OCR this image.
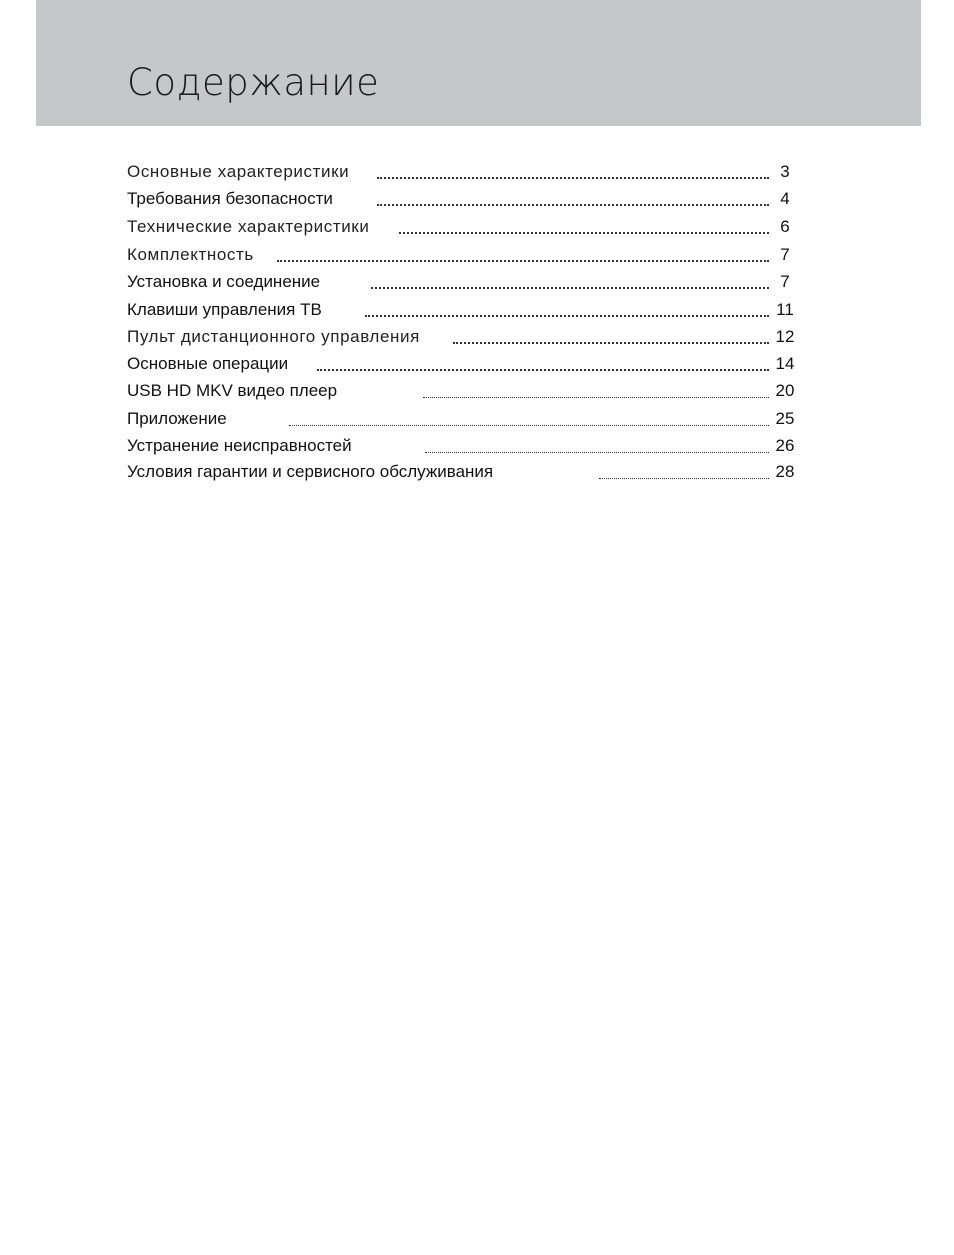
Содержание
Основные характеристики	3
Требования безопасности	4
Технические характеристики	6
Комплектность	7
Установка и соединение	7
Клавиши управления ТВ	11
Пульт дистанционного управления	12
Основные операции	14
USB HD MKV видео плеер	20
Приложение	25
Устранение неисправностей	26
Условия гарантии и сервисного обслуживания	28
